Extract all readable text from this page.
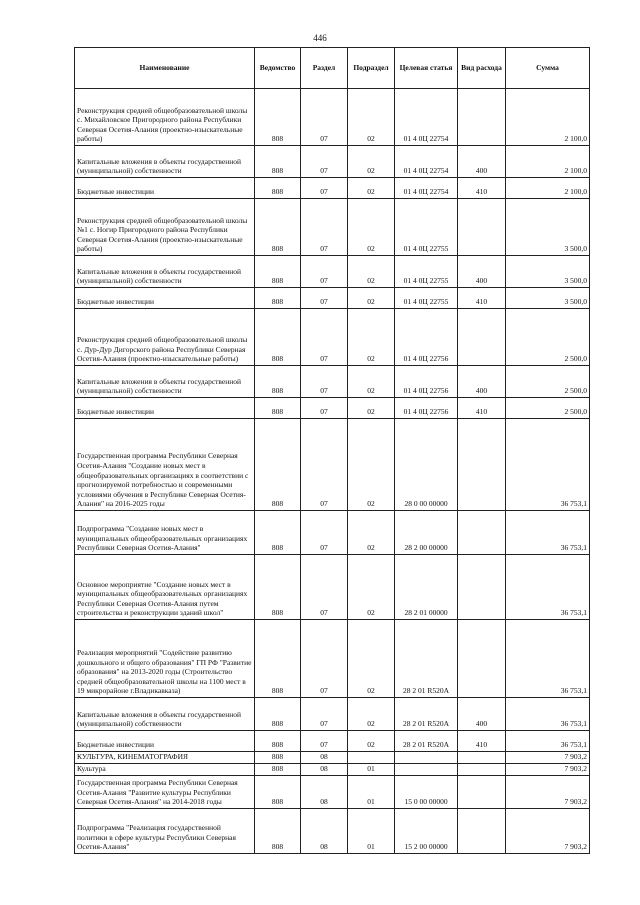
446
Наименование	Ведомство	Раздел	Подраздел	Целевая статья	Вид расхода	Сумма
Реконструкция средней общеобразовательной школы с. Михайловское Пригородного района Республики Северная Осетия-Алания (проектно-изыскательные работы)	808	07	02	01 4 0Ц 22754		2 100,0
Капитальные вложения в объекты государственной (муниципальной) собственности	808	07	02	01 4 0Ц 22754	400	2 100,0
Бюджетные инвестиции	808	07	02	01 4 0Ц 22754	410	2 100,0
Реконструкция средней общеобразовательной школы №1 с. Ногир Пригородного района Республики Северная Осетия-Алания (проектно-изыскательные работы)	808	07	02	01 4 0Ц 22755		3 500,0
Капитальные вложения в объекты государственной (муниципальной) собственности	808	07	02	01 4 0Ц 22755	400	3 500,0
Бюджетные инвестиции	808	07	02	01 4 0Ц 22755	410	3 500,0
Реконструкция средней общеобразовательной школы с. Дур-Дур Дигорского района Республики Северная Осетия-Алания (проектно-изыскательные работы)	808	07	02	01 4 0Ц 22756		2 500,0
Капитальные вложения в объекты государственной (муниципальной) собственности	808	07	02	01 4 0Ц 22756	400	2 500,0
Бюджетные инвестиции	808	07	02	01 4 0Ц 22756	410	2 500,0
Государственная программа Республики Северная Осетия-Алания "Создание новых мест в общеобразовательных организациях в соответствии с прогнозируемой потребностью и современными условиями обучения в Республике Северная Осетия-Алания" на 2016-2025 годы	808	07	02	28 0 00 00000		36 753,1
Подпрограмма "Создание новых мест в муниципальных общеобразовательных организациях Республики Северная Осетия-Алания"	808	07	02	28 2 00 00000		36 753,1
Основное мероприятие "Создание новых мест в муниципальных общеобразовательных организациях Республики Северная Осетия-Алания путем строительства и реконструкции зданий школ"	808	07	02	28 2 01 00000		36 753,1
Реализация мероприятий "Содействие развитию дошкольного и общего образования" ГП РФ "Развитие образования" на 2013-2020 годы (Строительство средней общеобразовательной школы на 1100 мест в 19 микрорайоне г.Владикавказа)	808	07	02	28 2 01 R520A		36 753,1
Капитальные вложения в объекты государственной (муниципальной) собственности	808	07	02	28 2 01 R520A	400	36 753,1
Бюджетные инвестиции	808	07	02	28 2 01 R520A	410	36 753,1
КУЛЬТУРА, КИНЕМАТОГРАФИЯ	808	08				7 903,2
Культура	808	08	01			7 903,2
Государственная программа Республики Северная Осетия-Алания "Развитие культуры Республики Северная Осетия-Алания" на 2014-2018 годы	808	08	01	15 0 00 00000		7 903,2
Подпрограмма "Реализация государственной политики в сфере культуры Республики Северная Осетия-Алания"	808	08	01	15 2 00 00000		7 903,2
